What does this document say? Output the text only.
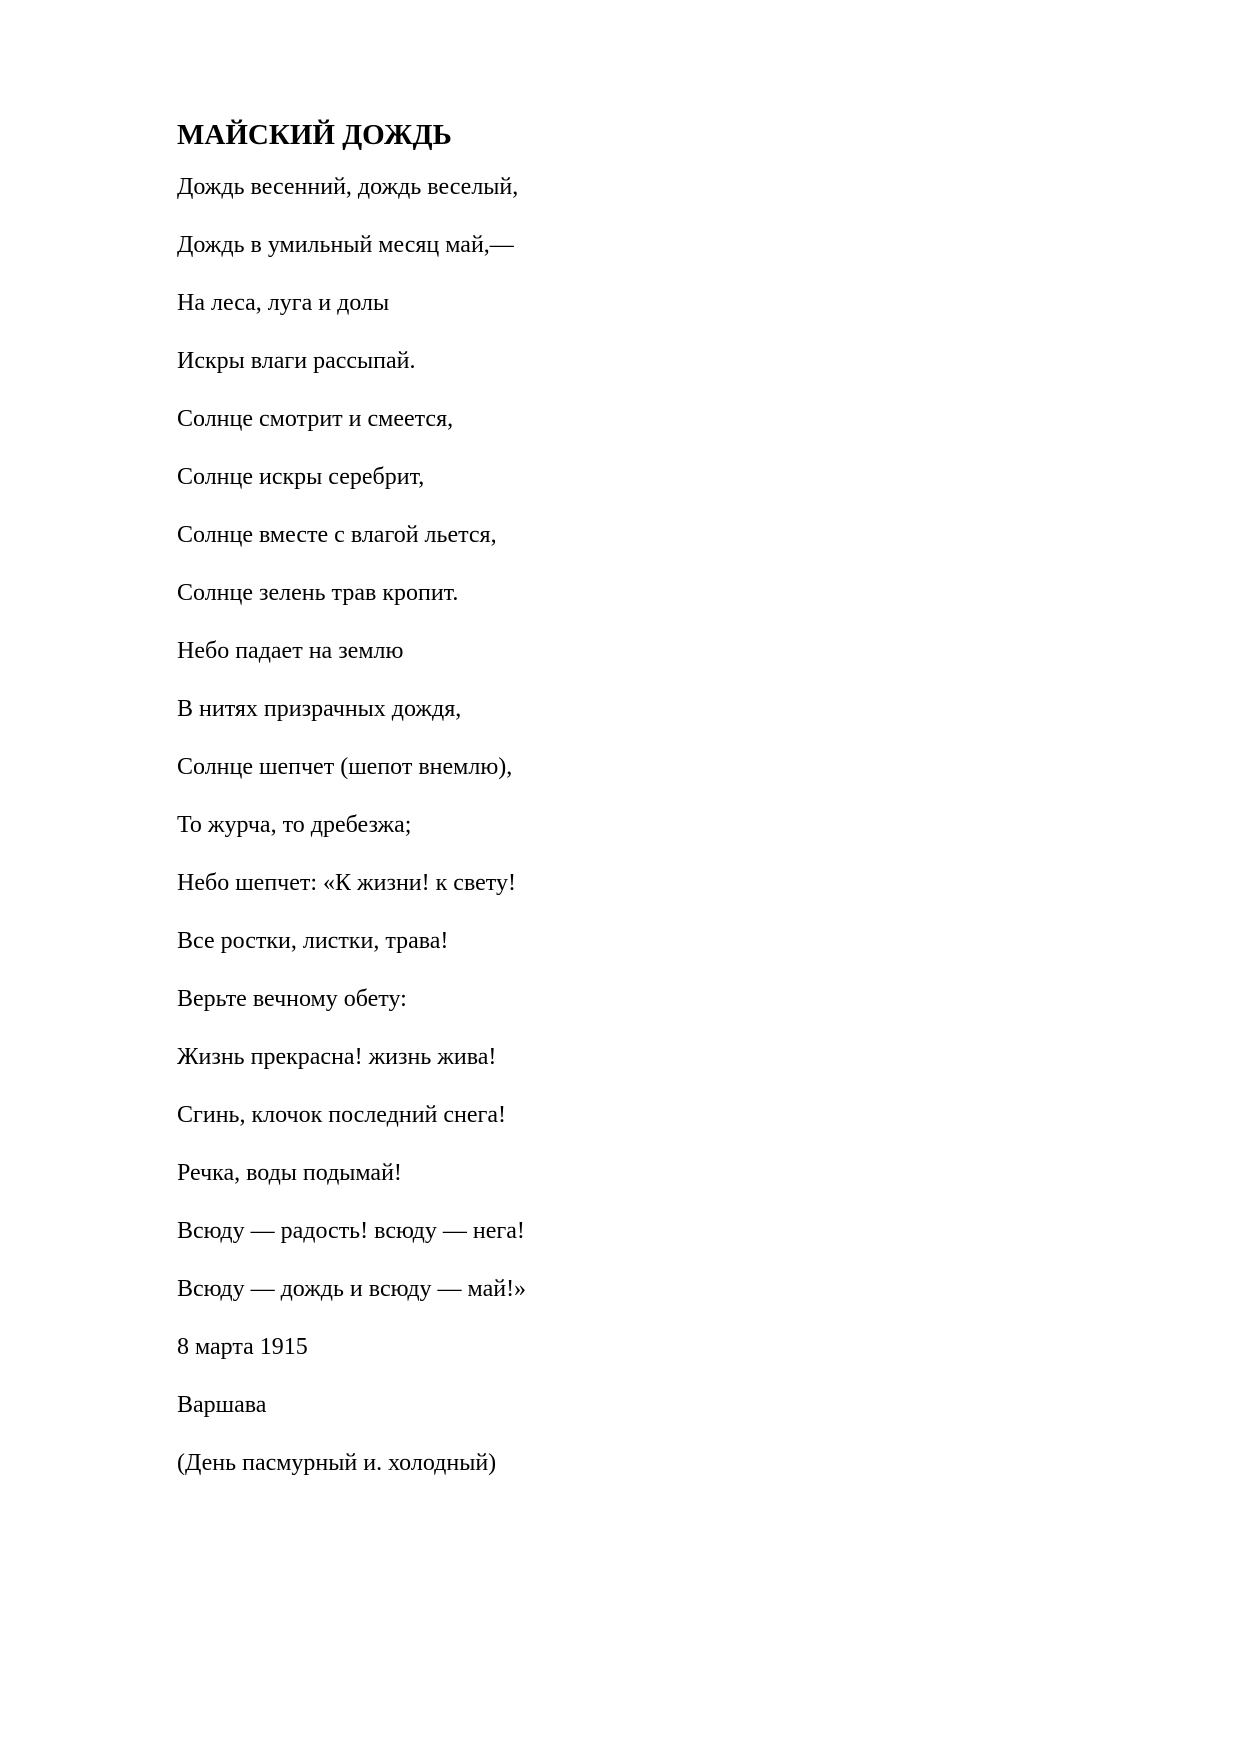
МАЙСКИЙ ДОЖДЬ
Дождь весенний, дождь веселый,
Дождь в умильный месяц май,—
На леса, луга и долы
Искры влаги рассыпай.
Солнце смотрит и смеется,
Солнце искры серебрит,
Солнце вместе с влагой льется,
Солнце зелень трав кропит.
Небо падает на землю
В нитях призрачных дождя,
Солнце шепчет (шепот внемлю),
То журча, то дребезжа;
Небо шепчет: «К жизни! к свету!
Все ростки, листки, трава!
Верьте вечному обету:
Жизнь прекрасна! жизнь жива!
Сгинь, клочок последний снега!
Речка, воды подымай!
Всюду — радость! всюду — нега!
Всюду — дождь и всюду — май!»
8 марта 1915
Варшава
(День пасмурный и. холодный)
